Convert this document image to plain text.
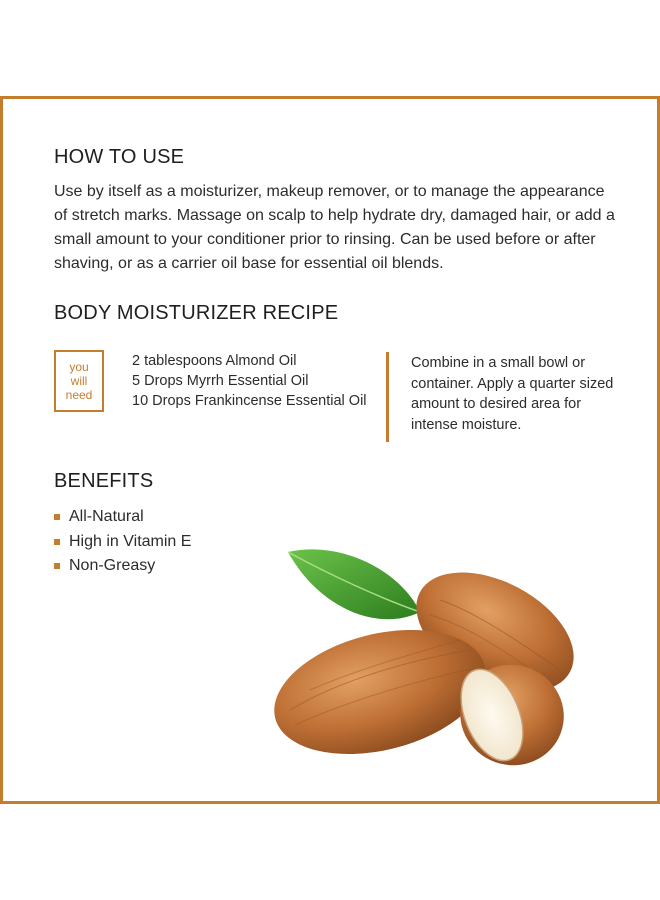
HOW TO USE

Use by itself as a moisturizer, makeup remover, or to manage the appearance of stretch marks. Massage on scalp to help hydrate dry, damaged hair, or add a small amount to your conditioner prior to rinsing. Can be used before or after shaving, or as a carrier oil base for essential oil blends.

BODY MOISTURIZER RECIPE
you
will
need
2 tablespoons Almond Oil
5 Drops Myrrh Essential Oil
10 Drops Frankincense Essential Oil

Combine in a small bowl or container. Apply a quarter sized amount to desired area for intense moisture.

BENEFITS
All-Natural
High in Vitamin E
Non-Greasy
